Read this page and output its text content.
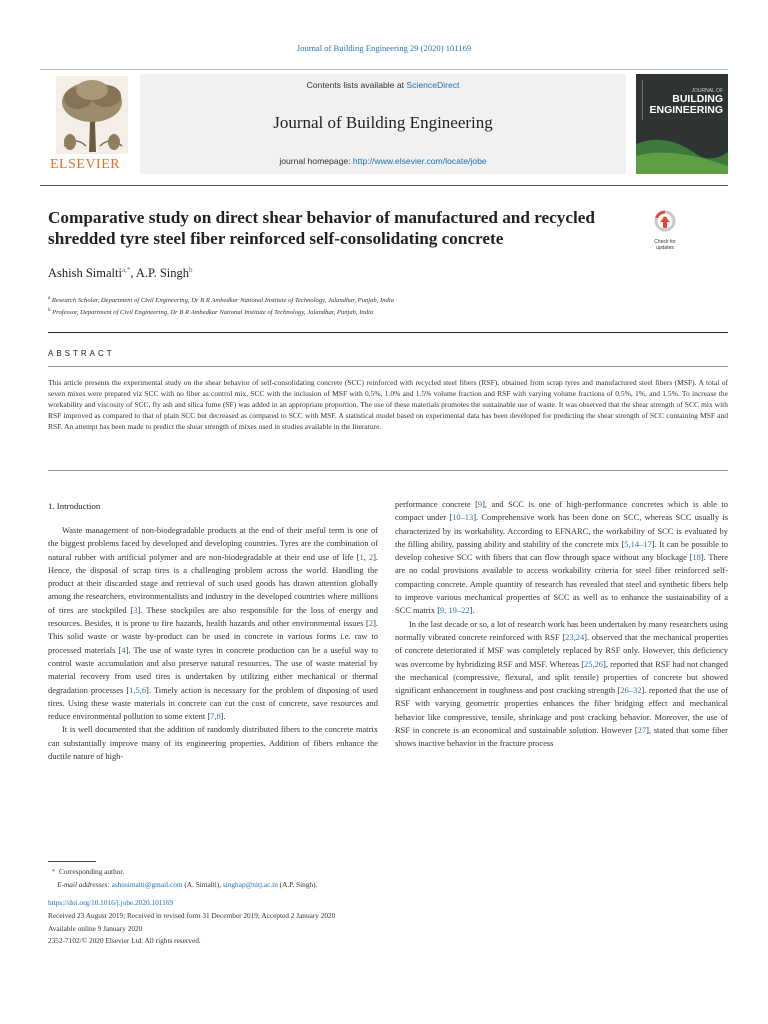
Journal of Building Engineering 29 (2020) 101169
ELSEVIER
Contents lists available at ScienceDirect
Journal of Building Engineering
journal homepage: http://www.elsevier.com/locate/jobe
JOURNAL OF
BUILDING
ENGINEERING
Comparative study on direct shear behavior of manufactured and recycled
shredded tyre steel fiber reinforced self-consolidating concrete	Check for updates
Ashish Simalti$^{a,*}$, A.P. Singh$^b$
$^a$ Research Scholar, Department of Civil Engineering, Dr B R Ambedkar National Institute of Technology, Jalandhar, Punjab, India
$^b$ Professor, Department of Civil Engineering, Dr B R Ambedkar National Institute of Technology, Jalandhar, Punjab, India
ABSTRACT

This article presents the experimental study on the shear behavior of self-consolidating concrete (SCC) reinforced with recycled steel fibers (RSF), obtained from scrap tyres and manufactured steel fibers (MSF). A total of seven mixes were prepared viz SCC with no fiber as control mix, SCC with the inclusion of MSF with 0.5%, 1.0% and 1.5% volume fraction and RSF with varying volume fractions of 0.5%, 1%, and 1.5%. To increase the workability and viscosity of SCC, fly ash and silica fume (SF) was added in an appropriate proportion. The use of these materials promotes the sustainable use of waste. It was observed that the shear strength of SCC mix with RSF improved as compared to that of plain SCC but decreased as compared to SCC with MSF. A statistical model based on experimental data has been developed for predicting the shear strength of SCC containing MSF and RSF. An attempt has been made to predict the shear strength of mixes used in studies available in the literature.

1. Introduction

Waste management of non-biodegradable products at the end of their useful term is one of the biggest problems faced by developed and developing countries. Tyres are the combination of natural rubber with artificial polymer and are non-biodegradable at their end use of life [1, 2]. Hence, the disposal of scrap tires is a challenging problem across the world. Handling the product at their discarded stage and retrieval of such used goods has drawn attention globally among the researchers, environmentalists and industry in the developed countries where millions of tires are stockpiled [3]. These stockpiles are also responsible for the loss of energy and resources. Besides, it is prone to fire hazards, health hazards and other environmental issues [2]. This solid waste or waste by-product can be used in concrete in various forms i.e. raw to processed materials [4]. The use of waste tyres in concrete production can be a useful way to control waste accumulation and also preserve natural resources. The use of waste material by material recovery from used tires is undertaken by utilizing either mechanical or thermal degradation processes [1,5,6]. Timely action is necessary for the problem of disposing of used tires. Using these waste materials in concrete can cut the cost of concrete, save resources and reduce environmental pollution to some extent [7,8].

It is well documented that the addition of randomly distributed fibers to the concrete matrix can substantially improve many of its engineering properties. Addition of fibers enhance the ductile nature of high-

performance concrete [9], and SCC is one of high-performance concretes which is able to compact under [10–13]. Comprehensive work has been done on SCC, whereas SCC usually is characterized by its workability. According to EFNARC, the workability of SCC is evaluated by the filling ability, passing ability and stability of the concrete mix [5,14–17]. It can be possible to develop cohesive SCC with fibers that can flow through space without any blockage [18]. There are no codal provisions available to access workability criteria for steel fiber reinforced self-compacting concrete. Ample quantity of research has revealed that steel and synthetic fibers help to improve various mechanical properties of SCC as well as to enhance the sustainability of a SCC matrix [9, 19–22].

In the last decade or so, a lot of research work has been undertaken by many researchers using normally vibrated concrete reinforced with RSF [23,24]. observed that the mechanical properties of concrete deteriorated if MSF was completely replaced by RSF only. However, this deficiency was overcome by hybridizing RSF and MSF. Whereas [25,26], reported that RSF had not changed the mechanical (compressive, flexural, and split tensile) properties of concrete but showed significant enhancement in toughness and post cracking strength [26–32]. reported that the use of RSF with varying geometric properties enhances the fiber bridging effect and mechanical behavior like compressive, tensile, shrinkage and post cracking behavior. Moreover, the use of RSF in concrete is an economical and sustainable solution. However [27], stated that some fiber shows inactive behavior in the fracture process

* Corresponding author.
E-mail addresses: ashusimalti@gmail.com (A. Simalti), singhap@nitj.ac.in (A.P. Singh).
https://doi.org/10.1016/j.jobe.2020.101169
Received 23 August 2019; Received in revised form 31 December 2019; Accepted 2 January 2020
Available online 9 January 2020
2352-7102/© 2020 Elsevier Ltd. All rights reserved.
